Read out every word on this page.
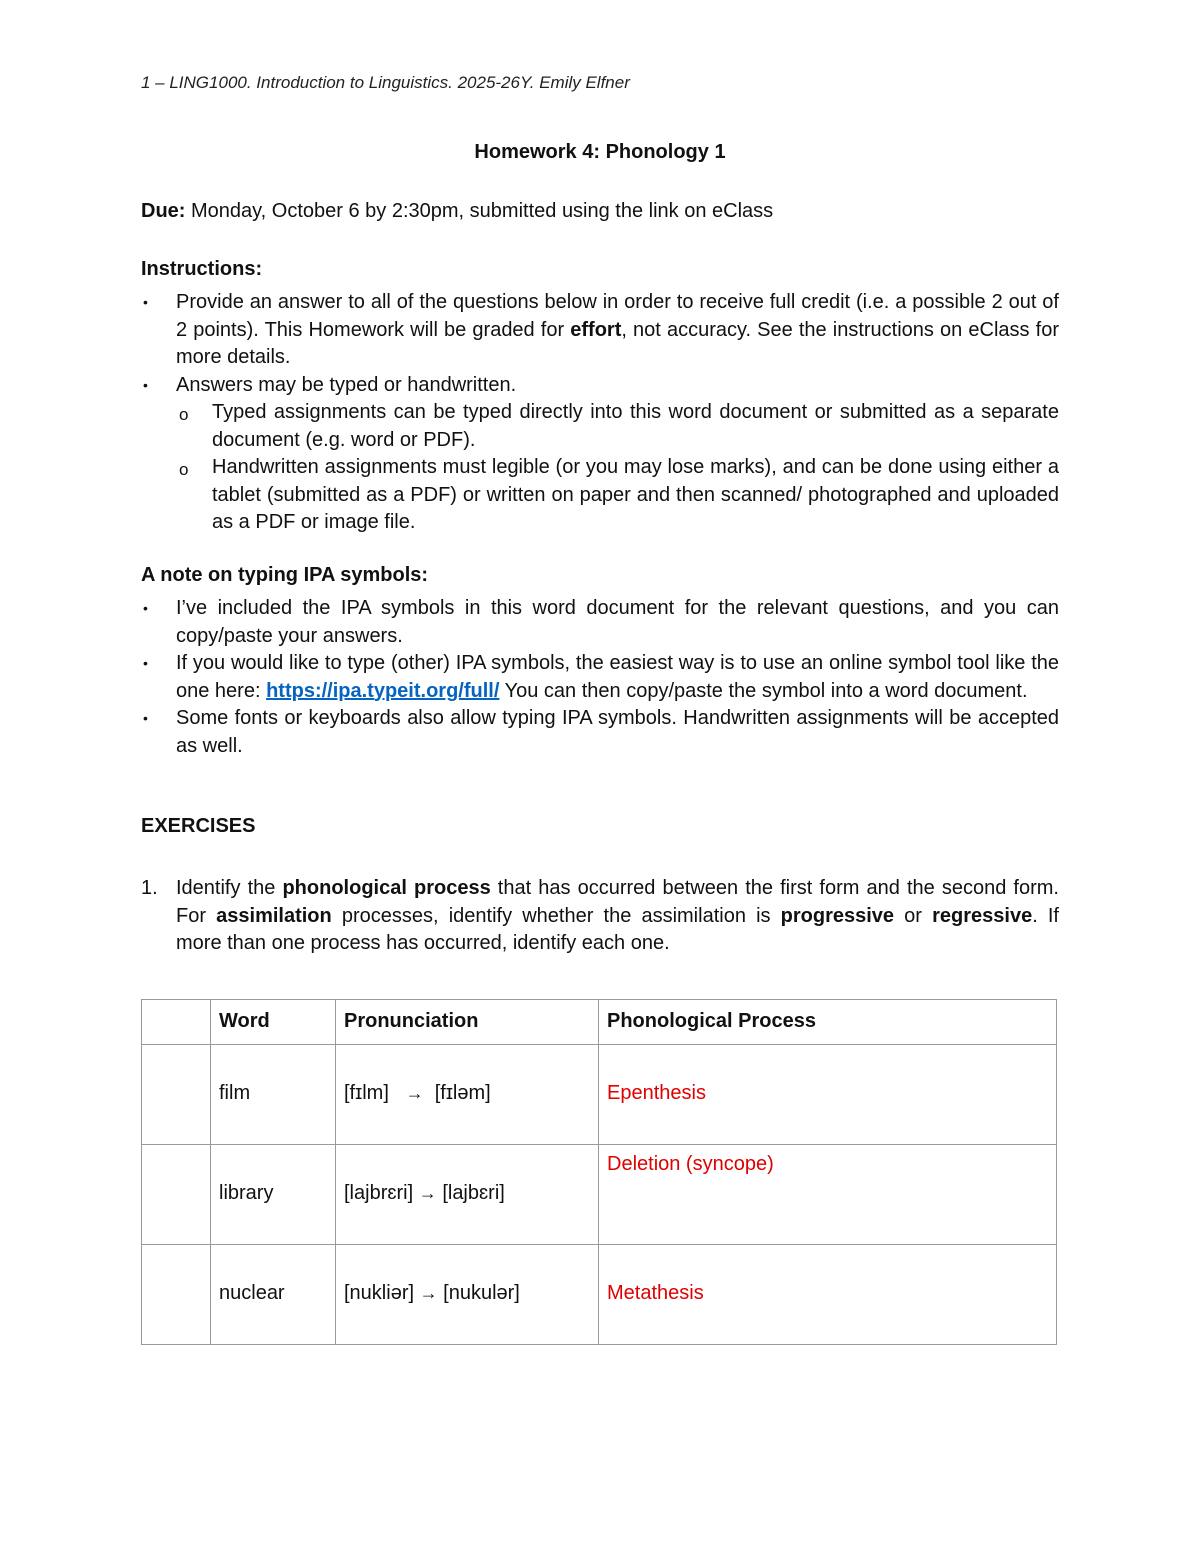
1 – LING1000. Introduction to Linguistics. 2025-26Y. Emily Elfner
Homework 4: Phonology 1
Due: Monday, October 6 by 2:30pm, submitted using the link on eClass
Instructions:
• Provide an answer to all of the questions below in order to receive full credit (i.e. a possible 2 out of 2 points). This Homework will be graded for effort, not accuracy. See the instructions on eClass for more details.
• Answers may be typed or handwritten.
o Typed assignments can be typed directly into this word document or submitted as a separate document (e.g. word or PDF).
o Handwritten assignments must legible (or you may lose marks), and can be done using either a tablet (submitted as a PDF) or written on paper and then scanned/ photographed and uploaded as a PDF or image file.
A note on typing IPA symbols:
• I’ve included the IPA symbols in this word document for the relevant questions, and you can copy/paste your answers.
• If you would like to type (other) IPA symbols, the easiest way is to use an online symbol tool like the one here: https://ipa.typeit.org/full/ You can then copy/paste the symbol into a word document.
• Some fonts or keyboards also allow typing IPA symbols. Handwritten assignments will be accepted as well.
EXERCISES
1. Identify the phonological process that has occurred between the first form and the second form. For assimilation processes, identify whether the assimilation is progressive or regressive. If more than one process has occurred, identify each one.
	Word	Pronunciation	Phonological Process
	film	[fɪlm] → [fɪləm]	Epenthesis
	library	[lajbrɛri] → [lajbɛri]	Deletion (syncope)
	nuclear	[nukliər] → [nukulər]	Metathesis
